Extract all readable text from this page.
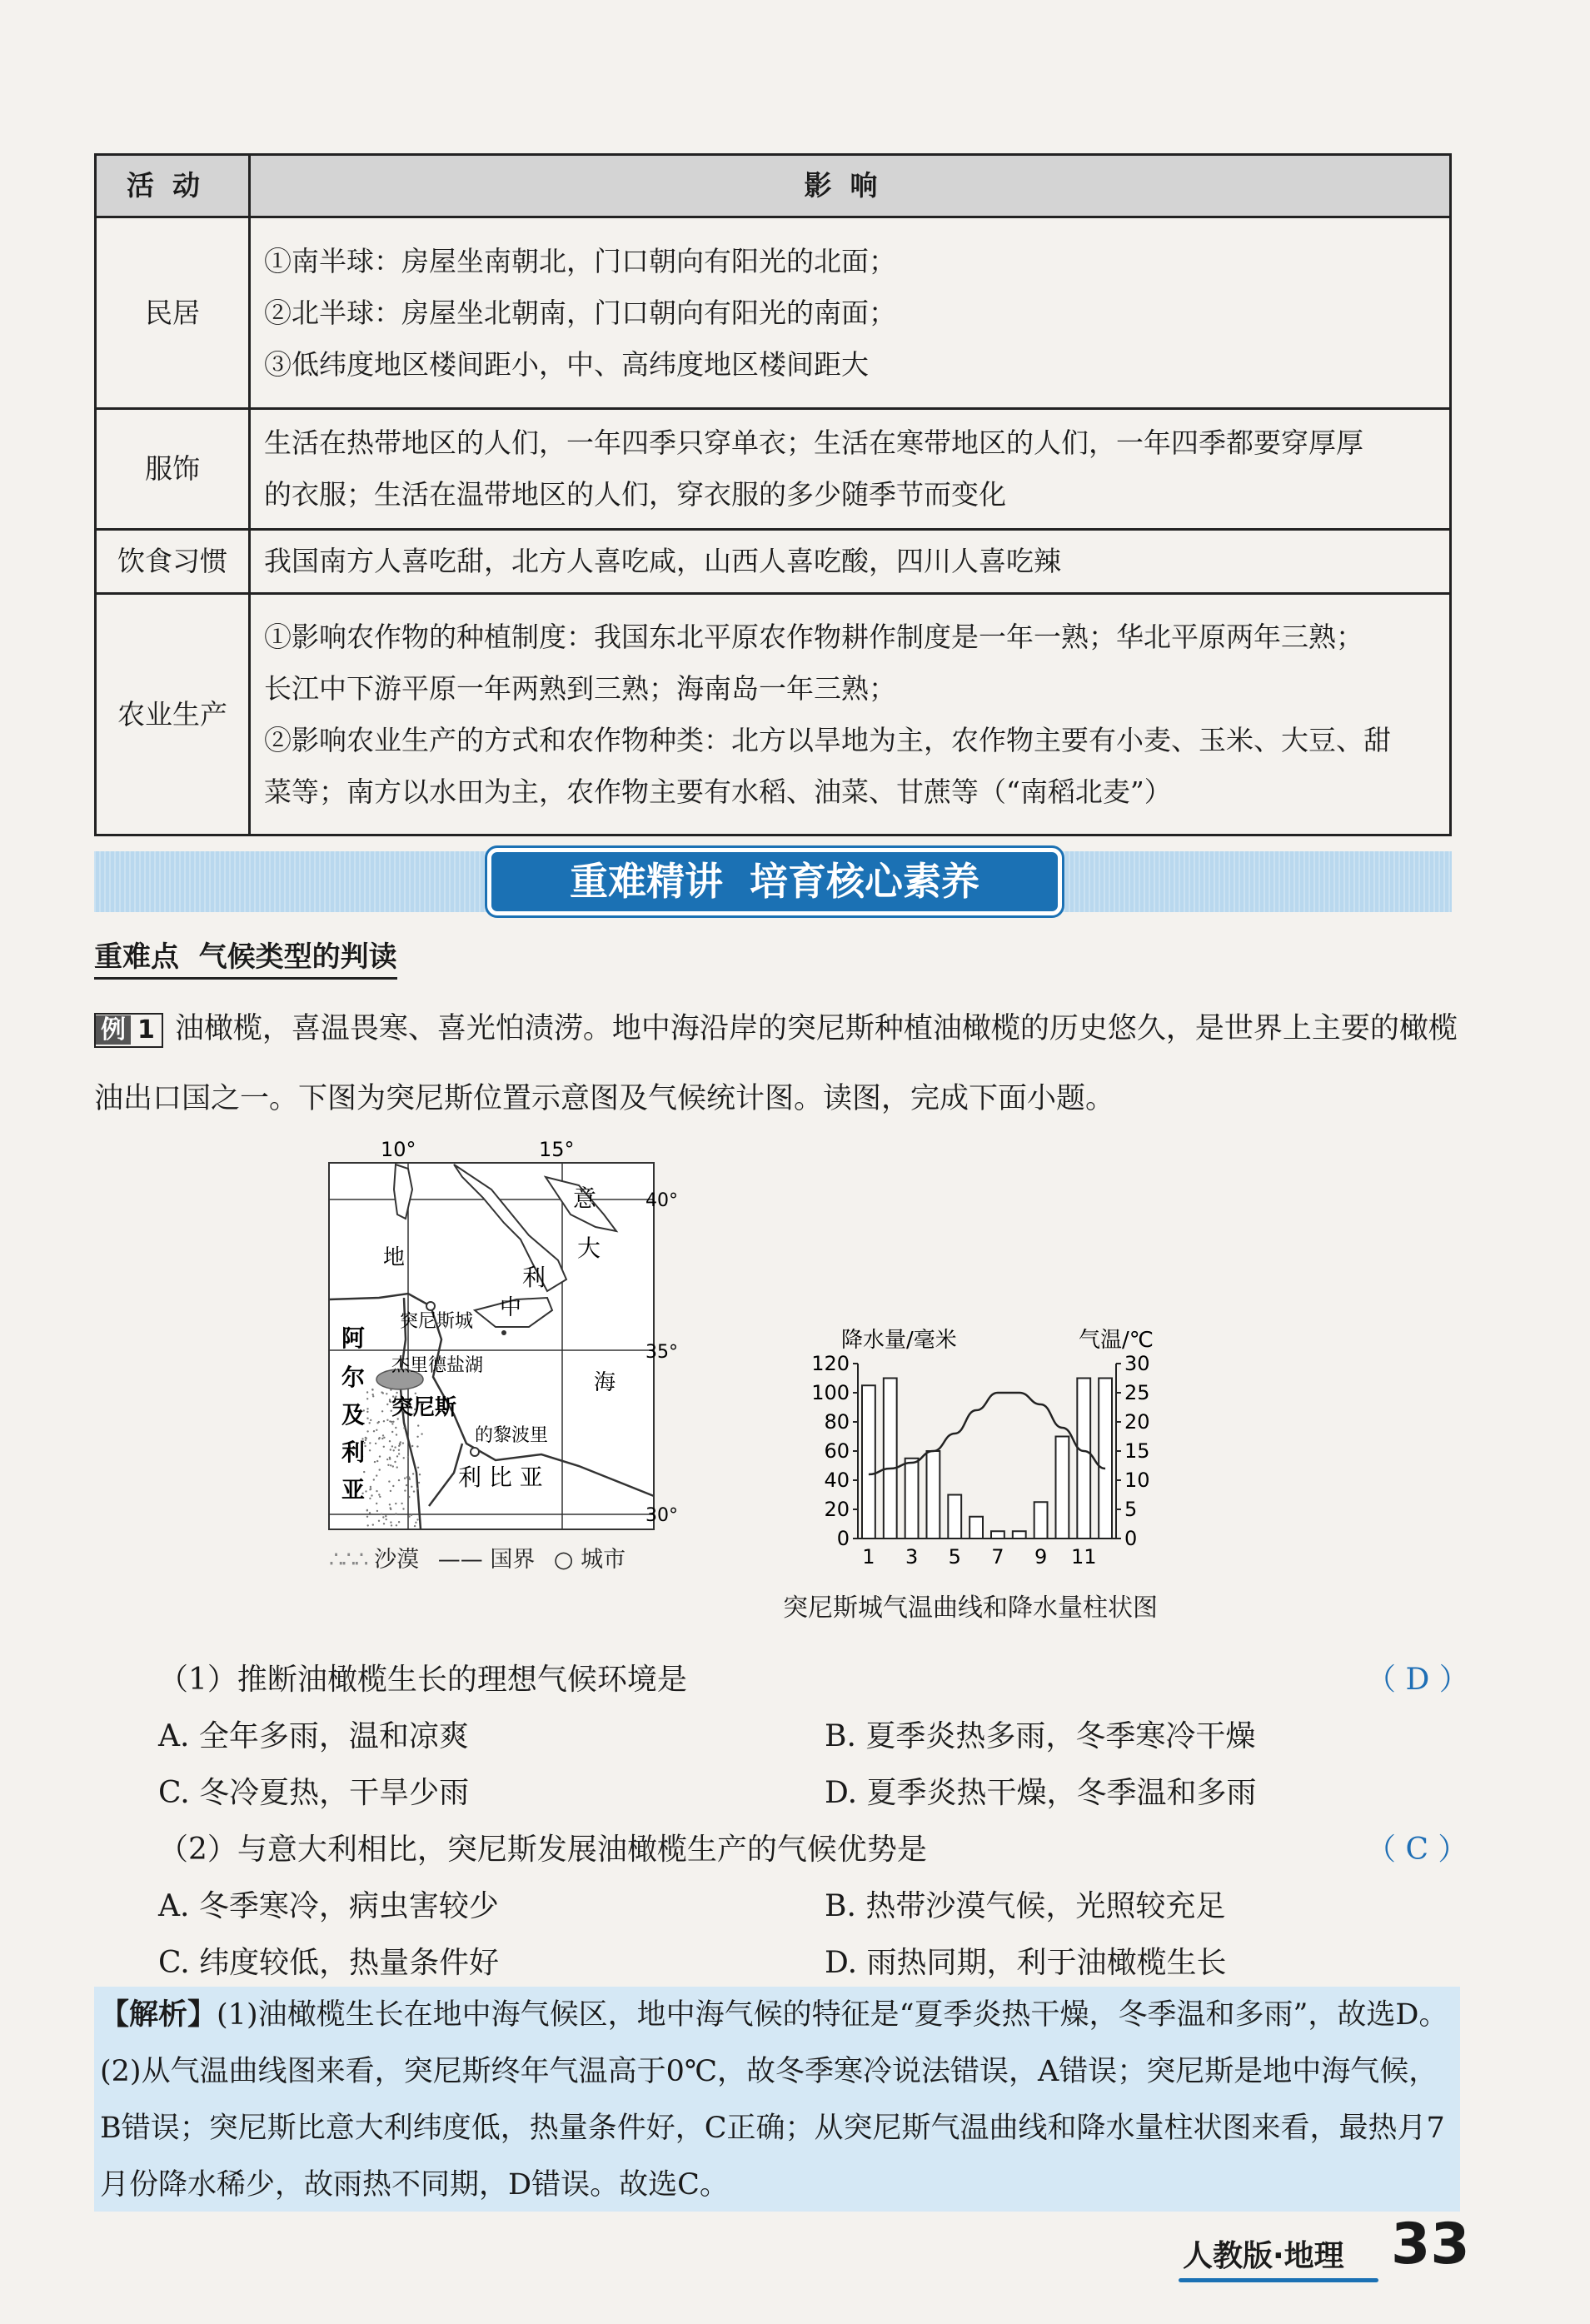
活动	影响
民居	①南半球：房屋坐南朝北，门口朝向有阳光的北面；
②北半球：房屋坐北朝南，门口朝向有阳光的南面；
③低纬度地区楼间距小，中、高纬度地区楼间距大

服饰	生活在热带地区的人们，一年四季只穿单衣；生活在寒带地区的人们，一年四季都要穿厚厚
的衣服；生活在温带地区的人们，穿衣服的多少随季节而变化

饮食习惯	我国南方人喜吃甜，北方人喜吃咸，山西人喜吃酸，四川人喜吃辣

农业生产	①影响农作物的种植制度：我国东北平原农作物耕作制度是一年一熟；华北平原两年三熟；
长江中下游平原一年两熟到三熟；海南岛一年三熟；
②影响农业生产的方式和农作物种类：北方以旱地为主，农作物主要有小麦、玉米、大豆、甜
菜等；南方以水田为主，农作物主要有水稻、油菜、甘蔗等（“南稻北麦”）
重难精讲  培育核心素养
重难点  气候类型的判读
例 1 油橄榄，喜温畏寒、喜光怕渍涝。地中海沿岸的突尼斯种植油橄榄的历史悠久，是世界上主要的橄榄油出口国之一。下图为突尼斯位置示意图及气候统计图。读图，完成下面小题。
10°	15°
40°
35°
30°
意
大
利
地
中
海
突尼斯城
杰里德盐湖
突尼斯
的黎波里
利 比 亚
阿
尔
及
利
亚
∴∴∴ 沙漠 —— 国界 ○ 城市
降水量/毫米	气温/℃
120
100
80
60
40
20
0
30
25
20
15
10
5
0
1 3 5 7 9 11
突尼斯城气温曲线和降水量柱状图
（1）推断油橄榄生长的理想气候环境是	（ D ）
A. 全年多雨，温和凉爽	B. 夏季炎热多雨，冬季寒冷干燥
C. 冬冷夏热，干旱少雨	D. 夏季炎热干燥，冬季温和多雨
（2）与意大利相比，突尼斯发展油橄榄生产的气候优势是	（ C ）
A. 冬季寒冷，病虫害较少	B. 热带沙漠气候，光照较充足
C. 纬度较低，热量条件好	D. 雨热同期，利于油橄榄生长
【解析】(1)油橄榄生长在地中海气候区，地中海气候的特征是“夏季炎热干燥，冬季温和多雨”，故选D。(2)从气温曲线图来看，突尼斯终年气温高于0℃，故冬季寒冷说法错误，A错误；突尼斯是地中海气候，B错误；突尼斯比意大利纬度低，热量条件好，C正确；从突尼斯气温曲线和降水量柱状图来看，最热月7月份降水稀少，故雨热不同期，D错误。故选C。
人教版·地理 33
